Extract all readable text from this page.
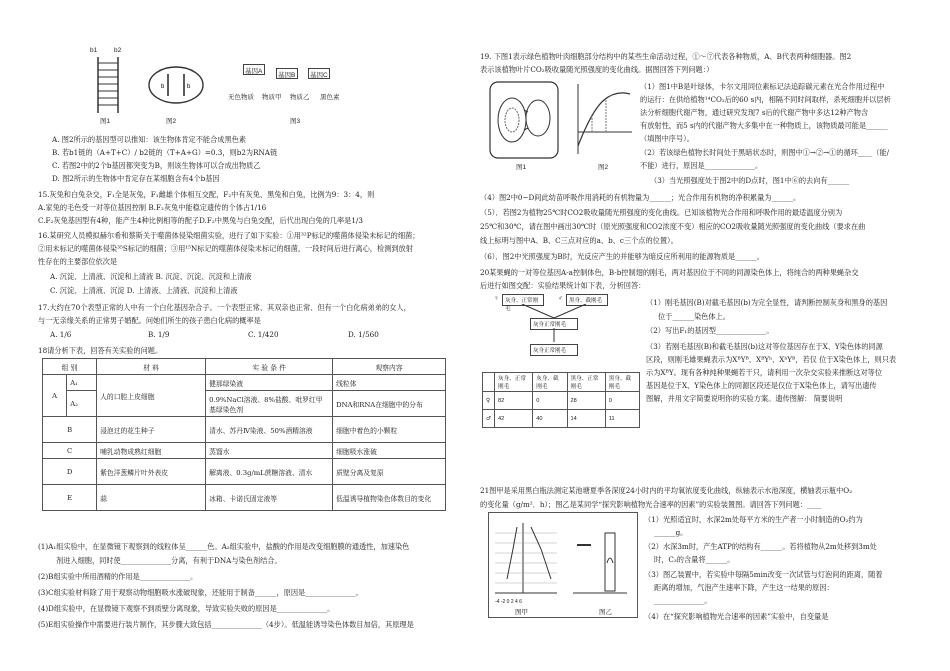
b1	b2
图1
b	b
图2
基因A
基因B 基因C
无色物质 物质甲 物质乙 黑色素
图3
A. 图2所示的基因型可以推知：该生物体肯定不能合成黑色素
B. 若b1链的（A+T+C）/ b2链的（T+A+G）=0.3，则b2为RNA链
C. 若图2中的2个b基因都突变为B，则该生物体可以合成出物质乙
D. 图2所示的生物体中肯定存在某细胞含有4个b基因
15.灰兔和白兔杂交，F₁全是灰兔，F₁雌雄个体相互交配，F₂中有灰兔、黑兔和白兔，比例为9：3：4，则
A.家兔的毛色受一对等位基因控制 B.F₂灰兔中能稳定遗传的个体占1/16
C.F₂灰兔基因型有4种，能产生4种比例相等的配子D.F₂中黑兔与白兔交配，后代出现白兔的几率是1/3
16.某研究人员模拟赫尔希和蔡斯关于噬菌体侵染细菌实验，进行了如下实验：①用³²P标记的噬菌体侵染未标记的细菌；
②用未标记的噬菌体侵染³⁵S标记的细菌；③用¹⁵N标记的噬菌体侵染未标记的细菌，一段时间后进行离心，检测到放射
性存在的主要部位依次是
A. 沉淀、上清液、沉淀和上清液 B. 沉淀、沉淀、沉淀和上清液
C. 沉淀、上清液、沉淀 D. 上清液、上清液、沉淀和上清液
17.大约在70个表型正常的人中有一个白化基因杂合子。一个表型正常、其双亲也正常、但有一个白化病弟弟的女人，
与一无亲缘关系的正常男子婚配。问她们所生的孩子患白化病的概率是
A. 1/6	B. 1/9	C. 1/420	D. 1/560
18请分析下表，回答有关实验的问题。
组 别		材 料	实 验 条 件	观察内容
A	A₁	人的口腔上皮细胞	健那绿染液	线粒体
	A₂		0.9%NaCl溶液、8%盐酸、吡罗红甲基绿染色剂	DNA和RNA在细胞中的分布
B		浸泡过的花生种子	清水、苏丹Ⅳ染液、50%酒精溶液	细胞中着色的小颗粒
C		哺乳动物成熟红细胞	蒸馏水	细胞吸水涨破
D		紫色洋葱鳞片叶外表皮	解离液、0.3g/mL蔗糖溶液、清水	质壁分离及复原
E		蒜	冰箱、卡诺氏固定液等	低温诱导植物染色体数目的变化
(1)A₁组实验中，在显微镜下观察到的线粒体呈______色。A₂组实验中，盐酸的作用是改变细胞膜的通透性，加速染色
剂进入细胞，同时使______________分离，有利于DNA与染色剂结合。
(2)B组实验中所用酒精的作用是______________。
(3)C组实验材料除了用于观察动物细胞吸水涨破现象，还能用于制备______，原因是______________。
(4)D组实验中，在显微镜下观察不到质壁分离现象，导致实验失败的原因是______________。
(5)E组实验操作中需要进行装片制作，其步骤大致包括______________（4步）。低温能诱导染色体数目加倍，其原理是
19. 下图1表示绿色植物叶肉细胞部分结构中的某些生命活动过程，①～⑦代表各种物质，A、B代表两种细胞器。图2
表示该植物叶片CO₂吸收量随光照强度的变化曲线。据图回答下列问题：）
图1	图2
（1）图1中B是叶绿体，卡尔文用同位素标记法追踪碳元素在光合作用过程中
的运行：在供给植物¹⁴CO₂后的60 s内，相隔不同时间取样，杀死细胞并以层析
法分析细胞代谢产物，通过研究发现7 s后的代谢产物中多达12种产物含
有放射性，而5 s内的代谢产物大多集中在一种物质上，该物质最可能是______
（填图中序号）。
（2）若该绿色植物长时间处于黑暗状态时，则图中①→②→①的循环____（能/
不能）进行，原因是______________。
（3）当光照强度处于图2中的D点时，图1中⑥的去向有______
（4）图2中0~D间此幼苗呼吸作用消耗的有机物量为______；光合作用有机物的净积累量为______。
（5）．若图2为植物25℃时CO2吸收量随光照强度的变化曲线。已知该植物光合作用和呼吸作用的最适温度分别为
25℃和30℃，请在图中画出30℃时（原光照强度和CO2浓度不变）相应的CO2吸收量随光照强度的变化曲线（要求在曲
线上标明与图中A、B、C三点对应的a、b、c三个点的位置）。
（6）．图2中光照强度为B时，光反应产生的并能够为暗反应所利用的能源物质是______。
20某果蝇的一对等位基因A-a控制体色，B-b控制翅的刚毛，两对基因位于不同的同源染色体上，将纯合的两种果蝇杂交
后进行如图交配：实验结果统计如下表，分析回答：
灰身、正常刚毛
黑身、截刚毛
♀	♂
灰身正常刚毛
灰身正常刚毛
	灰身、正常刚毛	灰身、截刚毛	黑身、正常刚毛	黑身、截刚毛
♀	82	0	28	0
♂	42	40	14	11
（1）刚毛基因(B)对截毛基因(b)为完全显性，请判断控制灰身和黑身的基因
位于______染色体上。
（2）写出F₁的基因型______________。
（3）若刚毛基因(B)和截毛基因(b)这对等位基因存在于X、Y染色体的同源
区段，则刚毛雄果蝇表示为XᴮYᴮ、XᴮYᵇ、XᵇYᴮ，若仅 位于X染色体上，则只表
示为XᴮY。现有各种纯种果蝇若干只，请利用一次杂交实验来推断这对等位
基因是位于X、Y染色体上的同源区段还是仅位于X染色体上，请写出遗传
图解，并用文字简要说明你的实验方案。遗传图解： 简要说明
21图甲是采用黑白瓶法测定某池塘夏季各深度24小时内的平均氧浓度变化曲线，纵轴表示水池深度，横轴表示瓶中O₂
的变化量（g/m²．h）；图乙是某同学“探究影响植物光合速率的因素”的实验装置图。请回答下列问题：____
-4 -2 0 2 4 6
图甲	图乙
（1）光照适宜时，水深2m处每平方米的生产者一小时制造的O₂约为
______g。
（2）水深3m时，产生ATP的结构有______。若将植物从2m处移到3m处
时，C₃的含量将______。
（3）图乙装置中，若实验中每隔5min改变一次试管与灯泡间的距离，随着
距离的增加，气泡产生速率下降，产生这一结果的原因：
______________。
（4）在“探究影响植物光合速率的因素”实验中，自变量是
